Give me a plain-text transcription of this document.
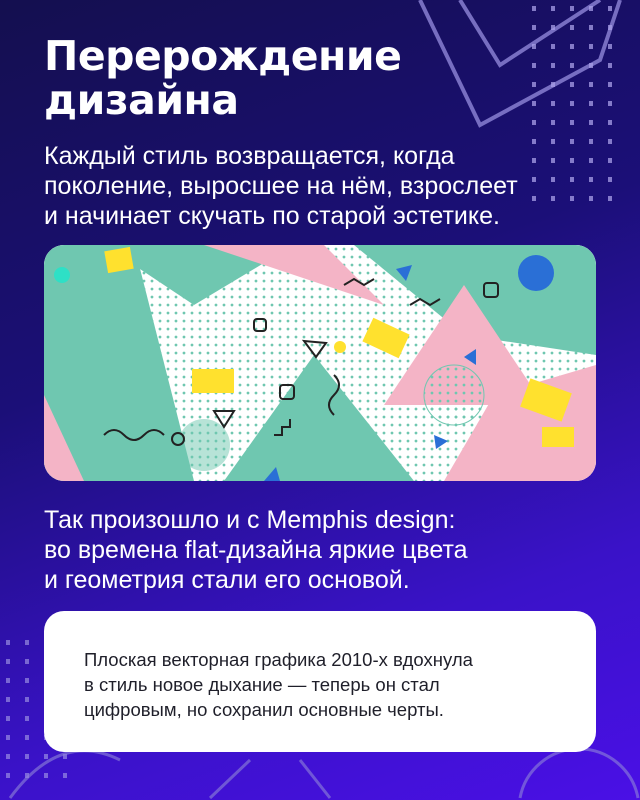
Перерождение
дизайна

Каждый стиль возвращается, когда
поколение, выросшее на нём, взрослеет
и начинает скучать по старой эстетике.

Так произошло и с Memphis design:
во времена flat-дизайна яркие цвета
и геометрия стали его основой.

Плоская векторная графика 2010-х вдохнула
в стиль новое дыхание — теперь он стал
цифровым, но сохранил основные черты.
